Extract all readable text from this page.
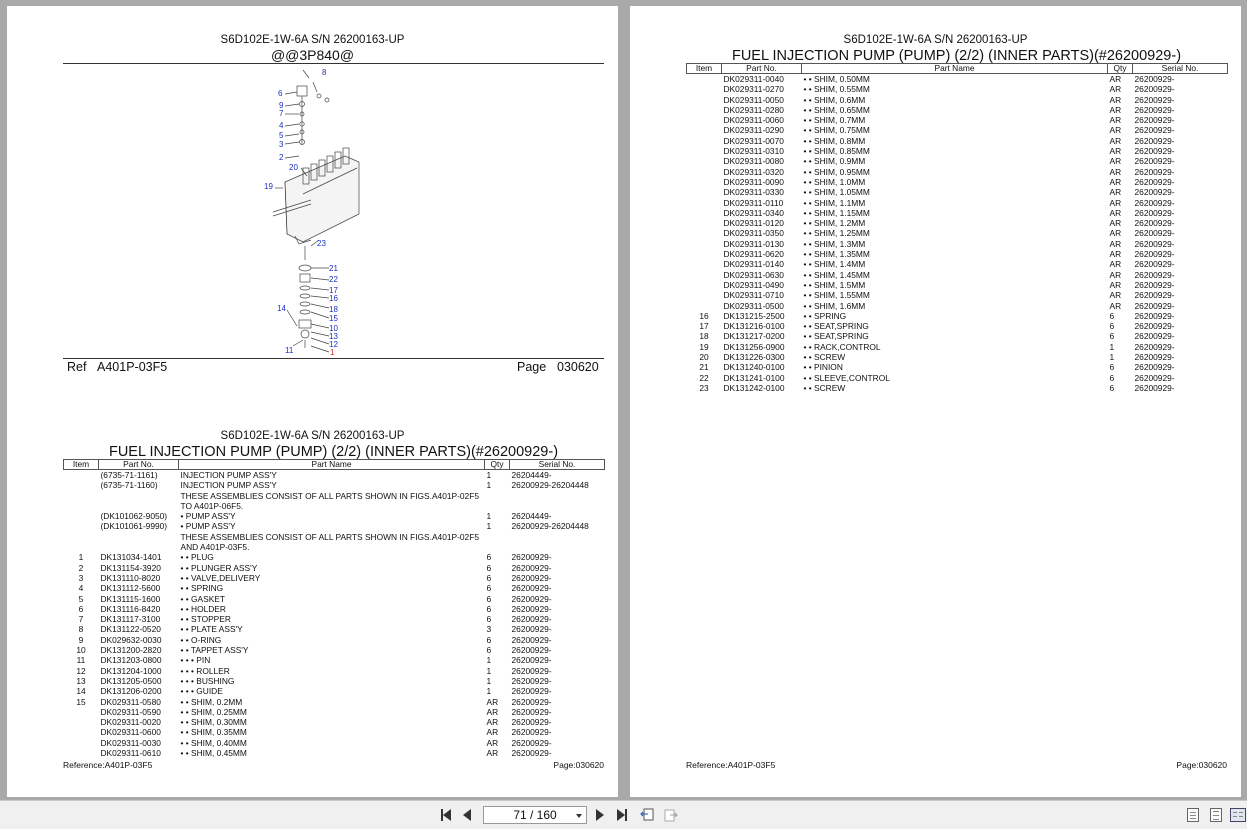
S6D102E-1W-6A S/N 26200163-UP
@@3P840@
8
6
9
7
4
5
3
2
20
19
23
21
22
17
16
18
15
14
10
13
12
11	1
Ref A401P-03F5	Page 030620
S6D102E-1W-6A S/N 26200163-UP
FUEL INJECTION PUMP (PUMP) (2/2) (INNER PARTS)(#26200929-)
Item	Part No.	Part Name	Qty	Serial No.
	(6735-71-1161)	INJECTION PUMP ASS'Y	1	26204449-
	(6735-71-1160)	INJECTION PUMP ASS'Y	1	26200929-26204448
		THESE ASSEMBLIES CONSIST OF ALL PARTS SHOWN IN FIGS.A401P-02F5 TO A401P-06F5.		
	(DK101062-9050)	• PUMP ASS'Y	1	26204449-
	(DK101061-9990)	• PUMP ASS'Y	1	26200929-26204448
		THESE ASSEMBLIES CONSIST OF ALL PARTS SHOWN IN FIGS.A401P-02F5 AND A401P-03F5.		
1	DK131034-1401	• • PLUG	6	26200929-
2	DK131154-3920	• • PLUNGER ASS'Y	6	26200929-
3	DK131110-8020	• • VALVE,DELIVERY	6	26200929-
4	DK131112-5600	• • SPRING	6	26200929-
5	DK131115-1600	• • GASKET	6	26200929-
6	DK131116-8420	• • HOLDER	6	26200929-
7	DK131117-3100	• • STOPPER	6	26200929-
8	DK131122-0520	• • PLATE ASS'Y	3	26200929-
9	DK029632-0030	• • O-RING	6	26200929-
10	DK131200-2820	• • TAPPET ASS'Y	6	26200929-
11	DK131203-0800	• • • PIN	1	26200929-
12	DK131204-1000	• • • ROLLER	1	26200929-
13	DK131205-0500	• • • BUSHING	1	26200929-
14	DK131206-0200	• • • GUIDE	1	26200929-
15	DK029311-0580	• • SHIM, 0.2MM	AR	26200929-
	DK029311-0590	• • SHIM, 0.25MM	AR	26200929-
	DK029311-0020	• • SHIM, 0.30MM	AR	26200929-
	DK029311-0600	• • SHIM, 0.35MM	AR	26200929-
	DK029311-0030	• • SHIM, 0.40MM	AR	26200929-
	DK029311-0610	• • SHIM, 0.45MM	AR	26200929-
Reference:A401P-03F5	Page:030620
S6D102E-1W-6A S/N 26200163-UP
FUEL INJECTION PUMP (PUMP) (2/2) (INNER PARTS)(#26200929-)
Item	Part No.	Part Name	Qty	Serial No.
	DK029311-0040	• • SHIM, 0.50MM	AR	26200929-
	DK029311-0270	• • SHIM, 0.55MM	AR	26200929-
	DK029311-0050	• • SHIM, 0.6MM	AR	26200929-
	DK029311-0280	• • SHIM, 0.65MM	AR	26200929-
	DK029311-0060	• • SHIM, 0.7MM	AR	26200929-
	DK029311-0290	• • SHIM, 0.75MM	AR	26200929-
	DK029311-0070	• • SHIM, 0.8MM	AR	26200929-
	DK029311-0310	• • SHIM, 0.85MM	AR	26200929-
	DK029311-0080	• • SHIM, 0.9MM	AR	26200929-
	DK029311-0320	• • SHIM, 0.95MM	AR	26200929-
	DK029311-0090	• • SHIM, 1.0MM	AR	26200929-
	DK029311-0330	• • SHIM, 1.05MM	AR	26200929-
	DK029311-0110	• • SHIM, 1.1MM	AR	26200929-
	DK029311-0340	• • SHIM, 1.15MM	AR	26200929-
	DK029311-0120	• • SHIM, 1.2MM	AR	26200929-
	DK029311-0350	• • SHIM, 1.25MM	AR	26200929-
	DK029311-0130	• • SHIM, 1.3MM	AR	26200929-
	DK029311-0620	• • SHIM, 1.35MM	AR	26200929-
	DK029311-0140	• • SHIM, 1.4MM	AR	26200929-
	DK029311-0630	• • SHIM, 1.45MM	AR	26200929-
	DK029311-0490	• • SHIM, 1.5MM	AR	26200929-
	DK029311-0710	• • SHIM, 1.55MM	AR	26200929-
	DK029311-0500	• • SHIM, 1.6MM	AR	26200929-
16	DK131215-2500	• • SPRING	6	26200929-
17	DK131216-0100	• • SEAT,SPRING	6	26200929-
18	DK131217-0200	• • SEAT,SPRING	6	26200929-
19	DK131256-0900	• • RACK,CONTROL	1	26200929-
20	DK131226-0300	• • SCREW	1	26200929-
21	DK131240-0100	• • PINION	6	26200929-
22	DK131241-0100	• • SLEEVE,CONTROL	6	26200929-
23	DK131242-0100	• • SCREW	6	26200929-
Reference:A401P-03F5	Page:030620
71 / 160
